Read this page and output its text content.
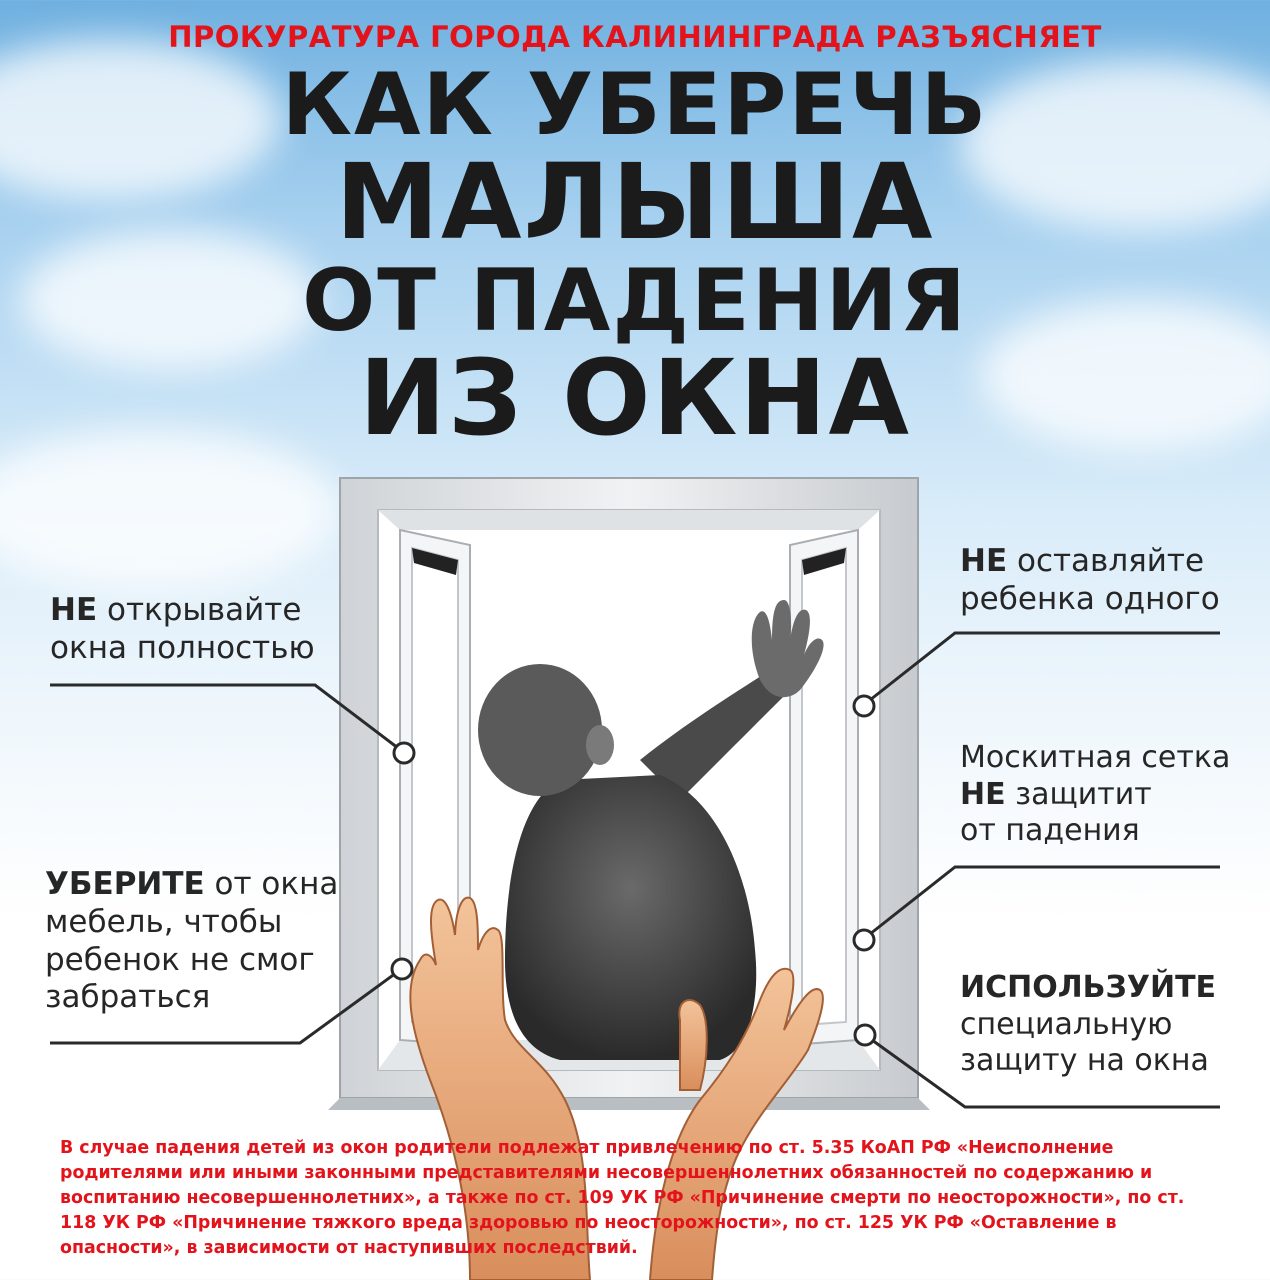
ПРОКУРАТУРА ГОРОДА КАЛИНИНГРАДА РАЗЪЯСНЯЕТ
КАК УБЕРЕЧЬ
МАЛЫША
ОТ ПАДЕНИЯ
ИЗ ОКНА
НЕ открывайте
окна полностью
УБЕРИТЕ от окна
мебель, чтобы
ребенок не смог
забраться
НЕ оставляйте
ребенка одного
Москитная сетка
НЕ защитит
от падения
ИСПОЛЬЗУЙТЕ
специальную
защиту на окна
В случае падения детей из окон родители подлежат привлечению по ст. 5.35 КоАП РФ «Неисполнение
родителями или иными законными представителями несовершеннолетних обязанностей по содержанию и
воспитанию несовершеннолетних», а также по ст. 109 УК РФ «Причинение смерти по неосторожности», по ст.
118 УК РФ «Причинение тяжкого вреда здоровью по неосторожности», по ст. 125 УК РФ «Оставление в
опасности», в зависимости от наступивших последствий.
